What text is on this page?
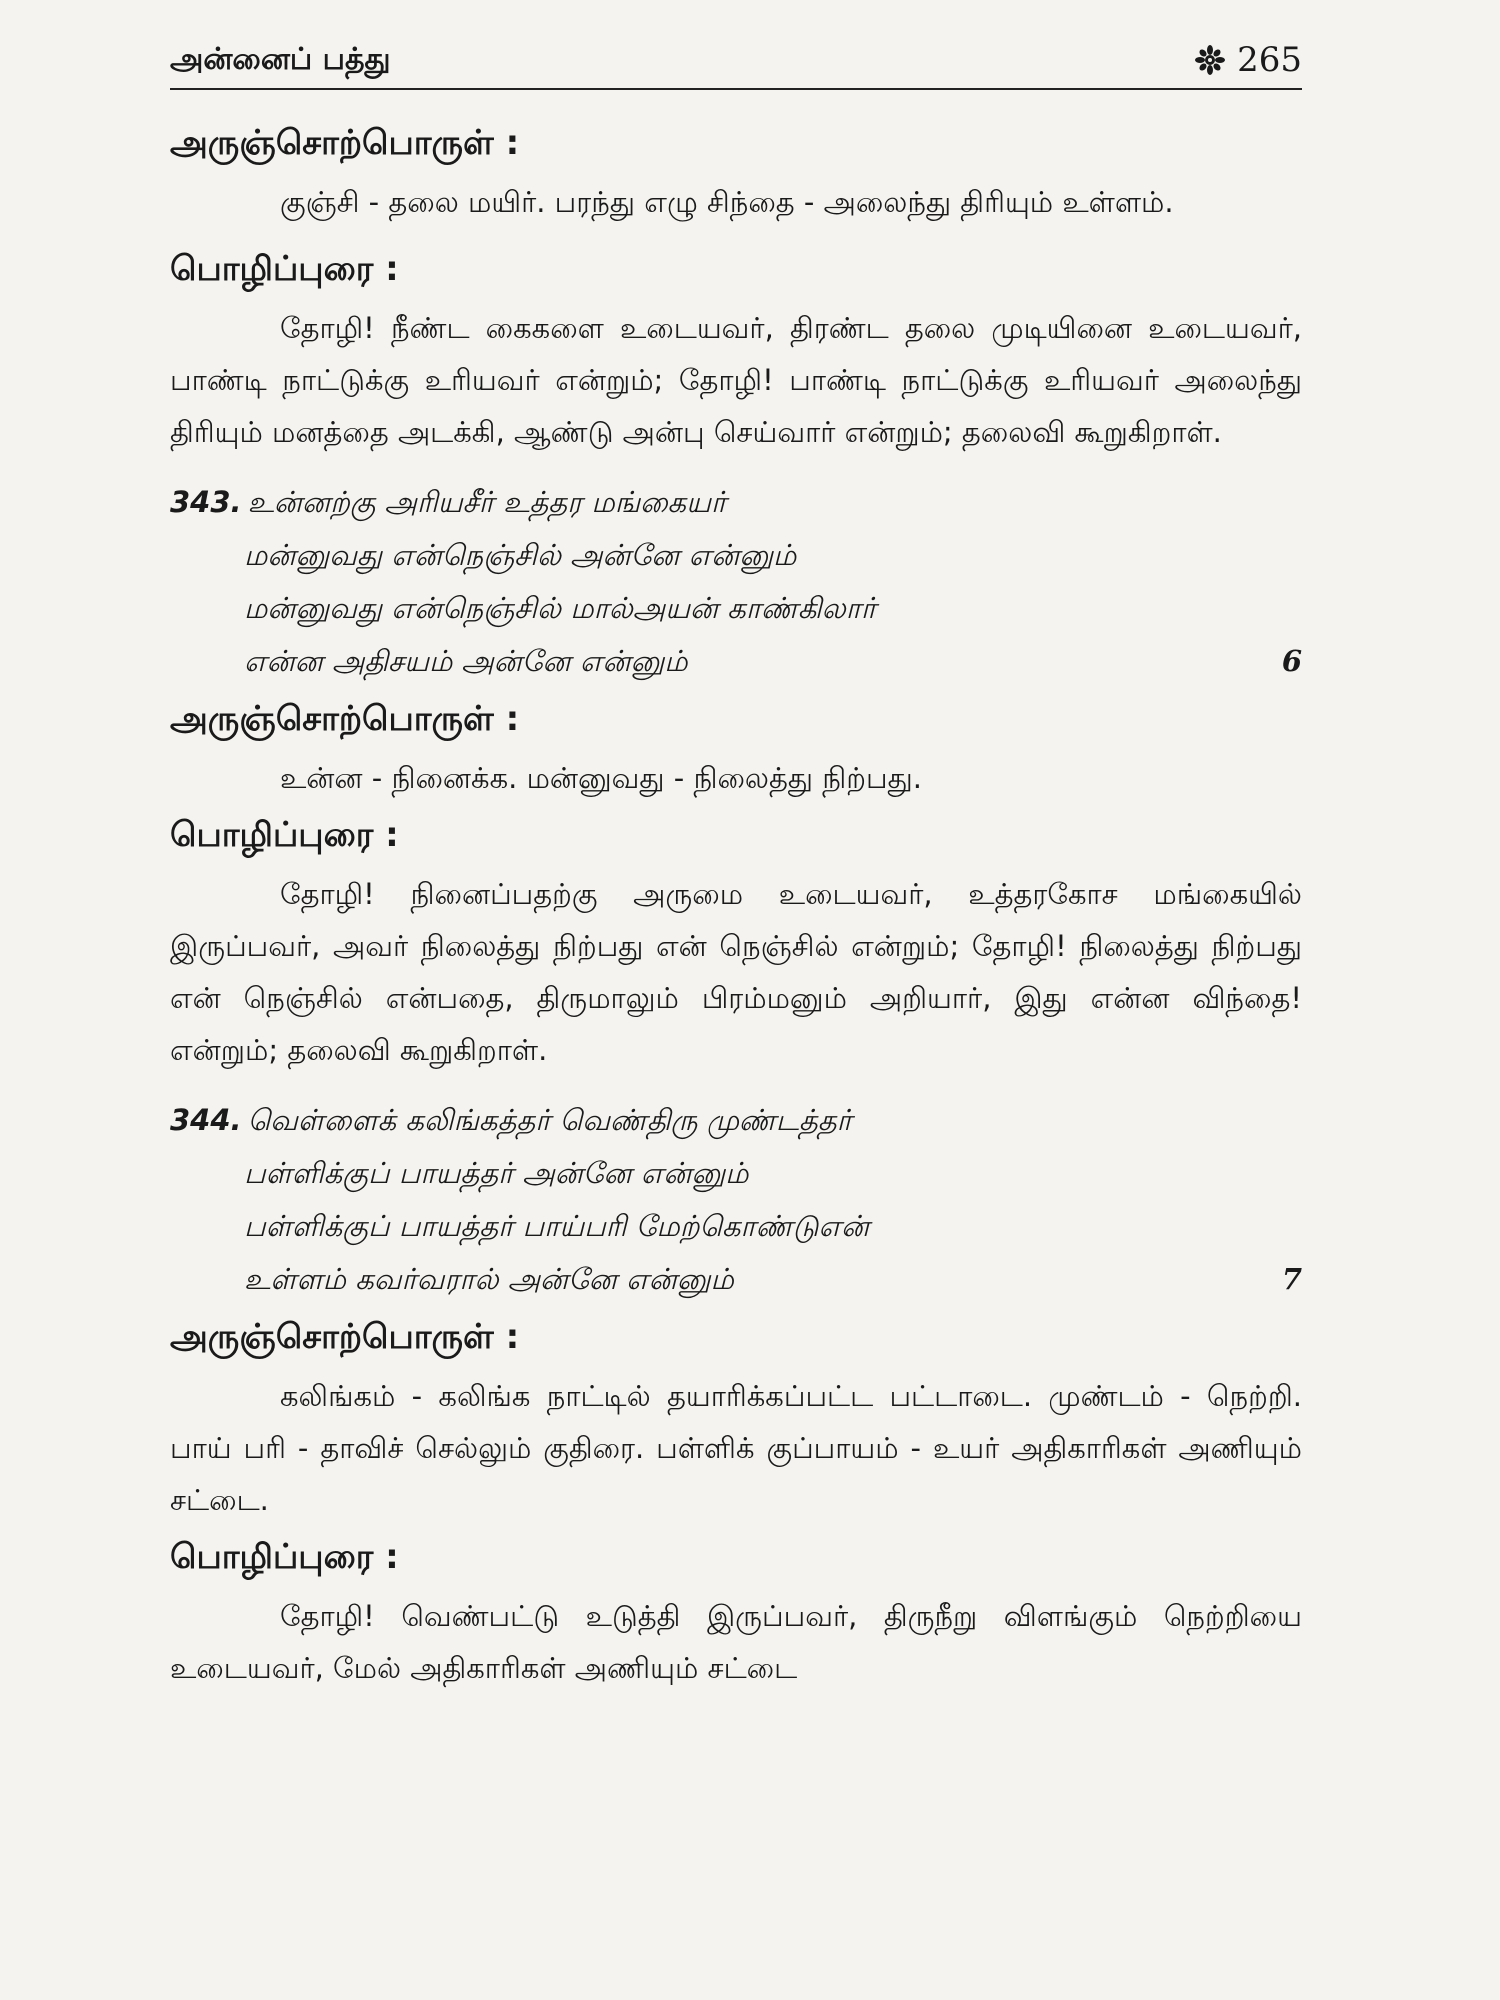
அன்னைப் பத்து	265
அருஞ்சொற்பொருள் :

குஞ்சி - தலை மயிர். பரந்து எழு சிந்தை - அலைந்து திரியும் உள்ளம்.

பொழிப்புரை :

தோழி! நீண்ட கைகளை உடையவர், திரண்ட தலை முடியினை உடையவர், பாண்டி நாட்டுக்கு உரியவர் என்றும்; தோழி! பாண்டி நாட்டுக்கு உரியவர் அலைந்து திரியும் மனத்தை அடக்கி, ஆண்டு அன்பு செய்வார் என்றும்; தலைவி கூறுகிறாள்.

343. உன்னற்கு அரியசீர் உத்தர மங்கையர்
மன்னுவது என்நெஞ்சில் அன்னே என்னும்
மன்னுவது என்நெஞ்சில் மால்அயன் காண்கிலார்
என்ன அதிசயம் அன்னே என்னும்	6
அருஞ்சொற்பொருள் :

உன்ன - நினைக்க. மன்னுவது - நிலைத்து நிற்பது.

பொழிப்புரை :

தோழி! நினைப்பதற்கு அருமை உடையவர், உத்தரகோச மங்கையில் இருப்பவர், அவர் நிலைத்து நிற்பது என் நெஞ்சில் என்றும்; தோழி! நிலைத்து நிற்பது என் நெஞ்சில் என்பதை, திருமாலும் பிரம்மனும் அறியார், இது என்ன விந்தை! என்றும்; தலைவி கூறுகிறாள்.

344. வெள்ளைக் கலிங்கத்தர் வெண்திரு முண்டத்தர்
பள்ளிக்குப் பாயத்தர் அன்னே என்னும்
பள்ளிக்குப் பாயத்தர் பாய்பரி மேற்கொண்டுஎன்
உள்ளம் கவர்வரால் அன்னே என்னும்	7
அருஞ்சொற்பொருள் :

கலிங்கம் - கலிங்க நாட்டில் தயாரிக்கப்பட்ட பட்டாடை. முண்டம் - நெற்றி. பாய் பரி - தாவிச் செல்லும் குதிரை. பள்ளிக் குப்பாயம் - உயர் அதிகாரிகள் அணியும் சட்டை.

பொழிப்புரை :

தோழி! வெண்பட்டு உடுத்தி இருப்பவர், திருநீறு விளங்கும் நெற்றியை உடையவர், மேல் அதிகாரிகள் அணியும் சட்டை
